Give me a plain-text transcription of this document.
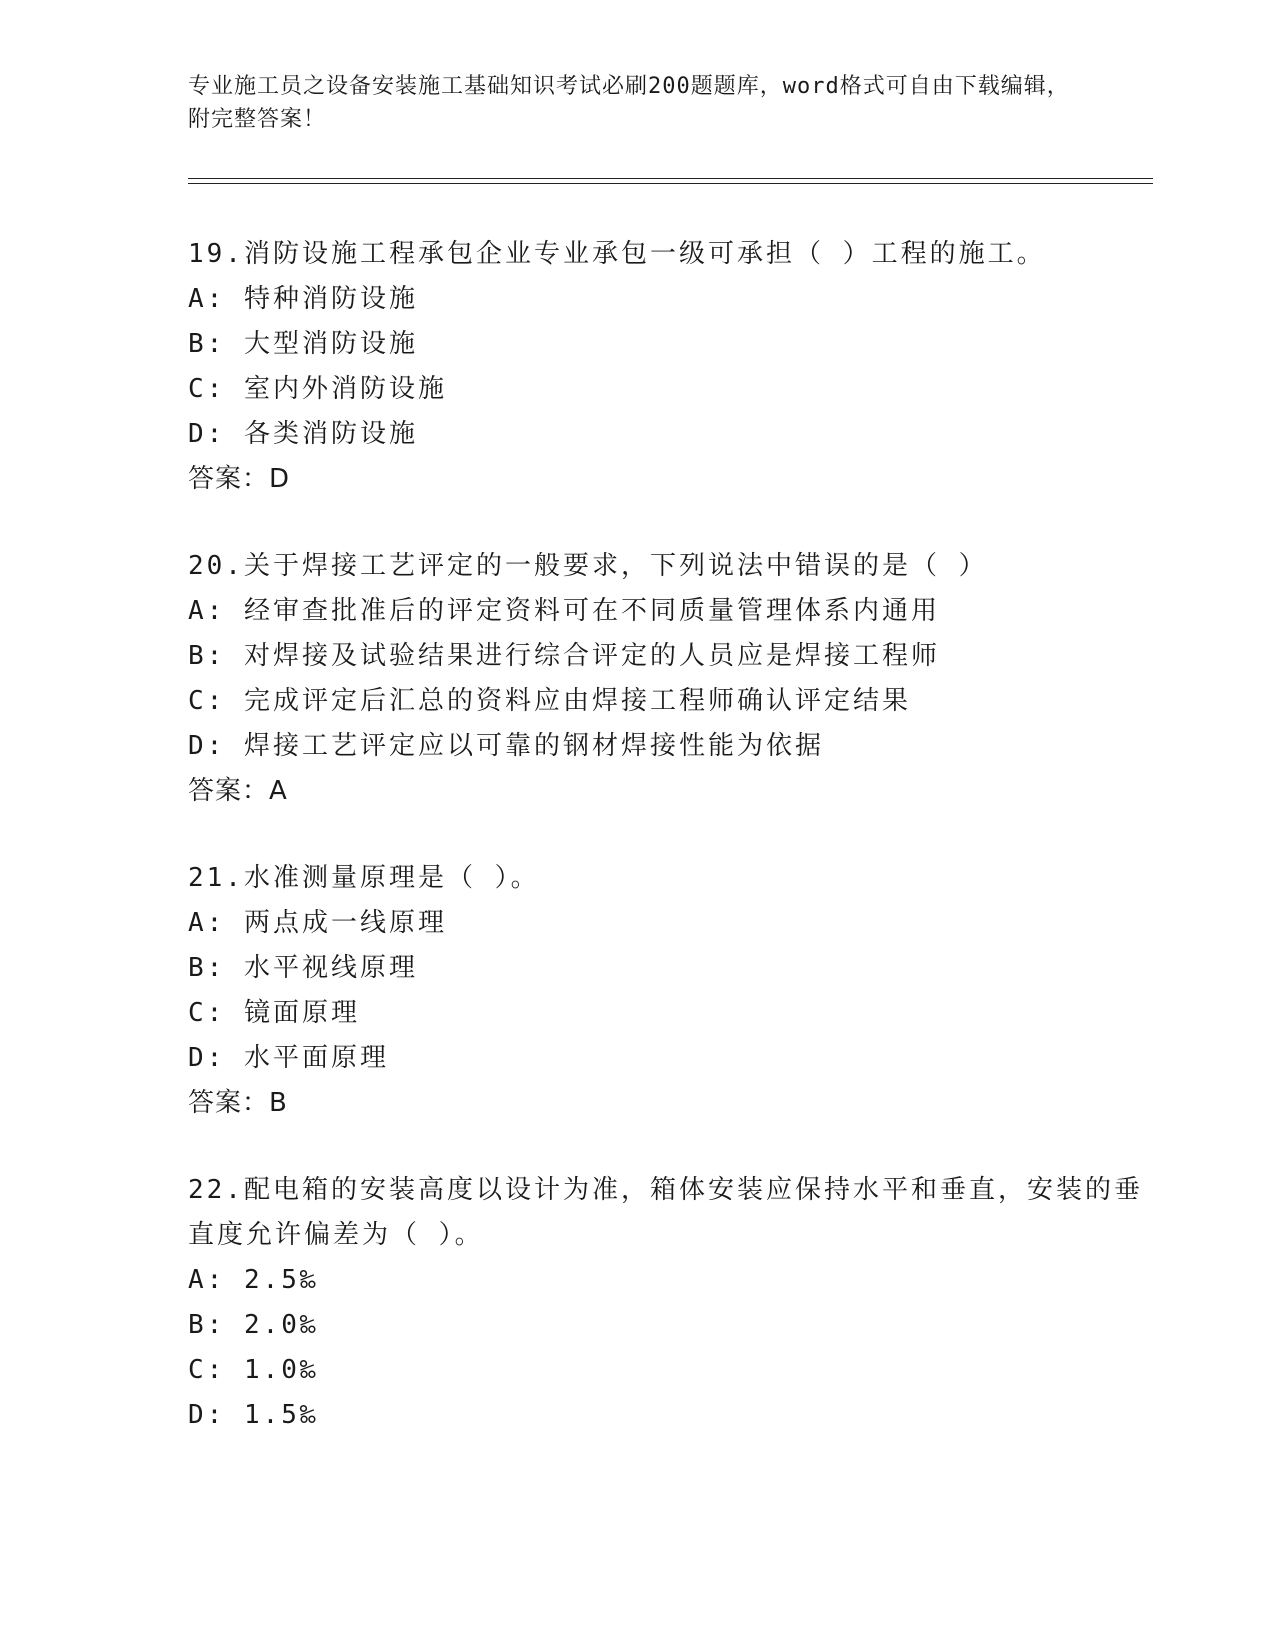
专业施工员之设备安装施工基础知识考试必刷200题题库，word格式可自由下载编辑，附完整答案！

19.消防设施工程承包企业专业承包一级可承担（ ）工程的施工。

A: 特种消防设施
B: 大型消防设施
C: 室内外消防设施
D: 各类消防设施
答案：D

20.关于焊接工艺评定的一般要求，下列说法中错误的是（ ）

A: 经审查批准后的评定资料可在不同质量管理体系内通用
B: 对焊接及试验结果进行综合评定的人员应是焊接工程师
C: 完成评定后汇总的资料应由焊接工程师确认评定结果
D: 焊接工艺评定应以可靠的钢材焊接性能为依据
答案：A

21.水准测量原理是（ ）。

A: 两点成一线原理
B: 水平视线原理
C: 镜面原理
D: 水平面原理
答案：B

22.配电箱的安装高度以设计为准，箱体安装应保持水平和垂直，安装的垂直度允许偏差为（ ）。

A: 2.5‰
B: 2.0‰
C: 1.0‰
D: 1.5‰
